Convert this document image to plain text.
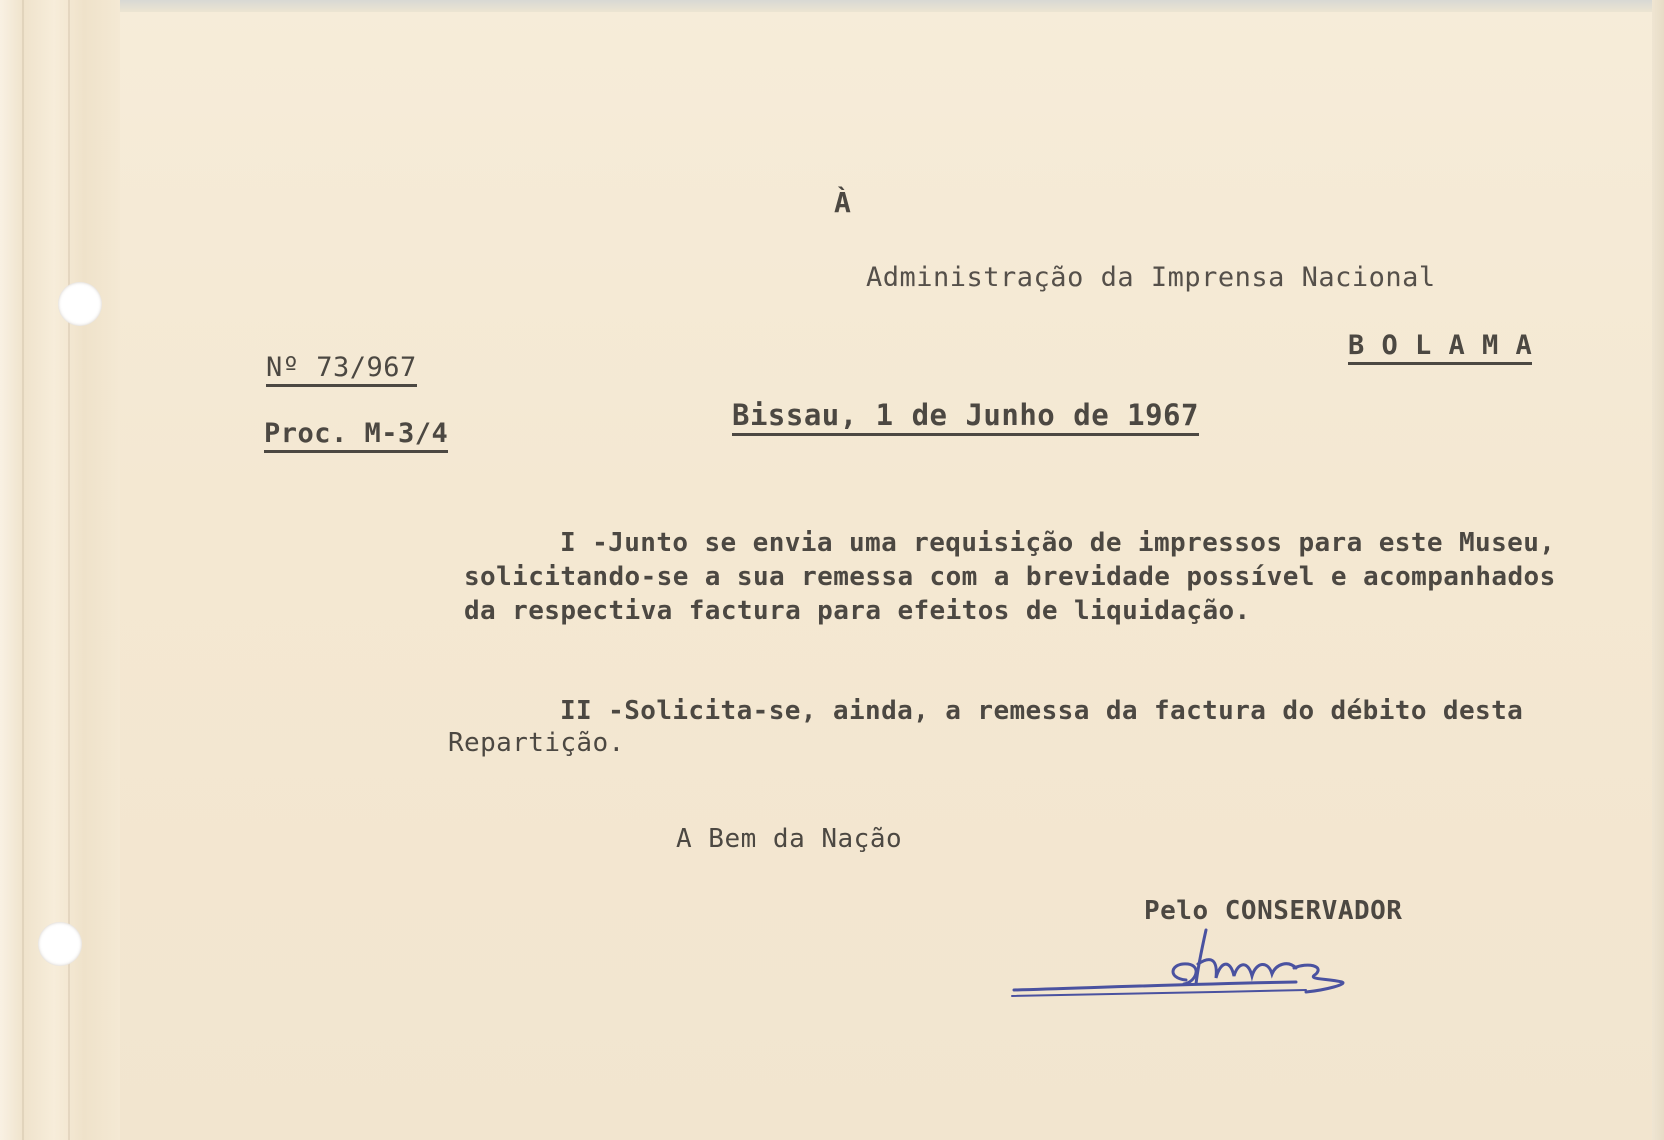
À
Administração da Imprensa Nacional
B O L A M A
Nº 73/967
Proc. M-3/4
Bissau, 1 de Junho de 1967
I -Junto se envia uma requisição de impressos para este Museu,
solicitando-se a sua remessa com a brevidade possível e acompanhados
da respectiva factura para efeitos de liquidação.
II -Solicita-se, ainda, a remessa da factura do débito desta
Repartição.
A Bem da Nação
Pelo CONSERVADOR
